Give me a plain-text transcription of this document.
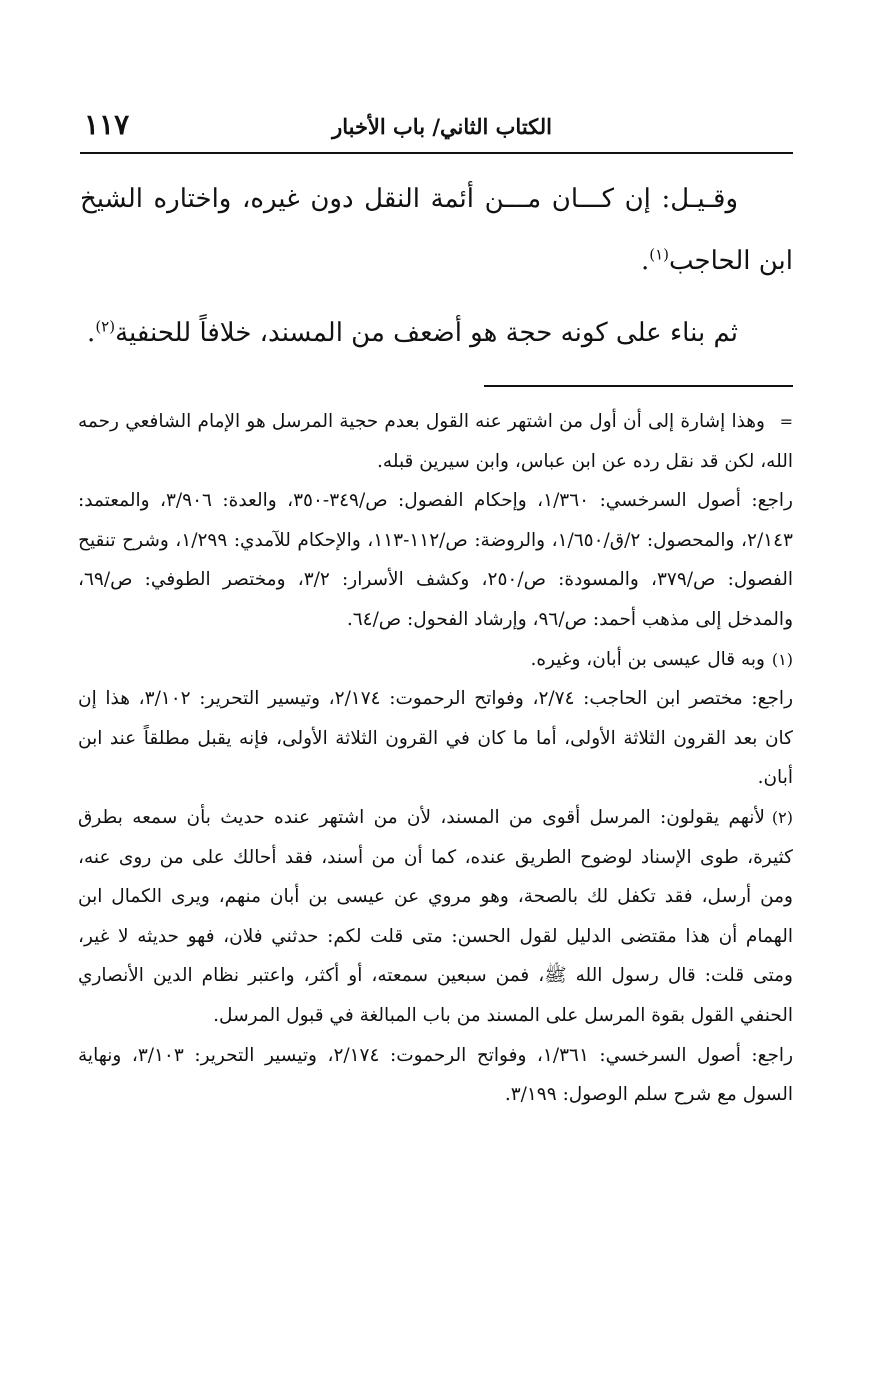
١١٧	الكتاب الثاني/ باب الأخبار

وقـيـل: إن كـــان مـــن أئمة النقل دون غيره، واختاره الشيخ ابن الحاجب$^{(١)}$.

ثم بناء على كونه حجة هو أضعف من المسند، خلافاً للحنفية$^{(٢)}$.

=وهذا إشارة إلى أن أول من اشتهر عنه القول بعدم حجية المرسل هو الإمام الشافعي رحمه الله، لكن قد نقل رده عن ابن عباس، وابن سيرين قبله.

راجع: أصول السرخسي: ١/٣٦٠، وإحكام الفصول: ص/٣٤٩-٣٥٠، والعدة: ٣/٩٠٦، والمعتمد: ٢/١٤٣، والمحصول: ٢/ق/١/٦٥٠، والروضة: ص/١١٢-١١٣، والإحكام للآمدي: ١/٢٩٩، وشرح تنقيح الفصول: ص/٣٧٩، والمسودة: ص/٢٥٠، وكشف الأسرار: ٣/٢، ومختصر الطوفي: ص/٦٩، والمدخل إلى مذهب أحمد: ص/٩٦، وإرشاد الفحول: ص/٦٤.

(١)وبه قال عيسى بن أبان، وغيره.

راجع: مختصر ابن الحاجب: ٢/٧٤، وفواتح الرحموت: ٢/١٧٤، وتيسير التحرير: ٣/١٠٢، هذا إن كان بعد القرون الثلاثة الأولى، أما ما كان في القرون الثلاثة الأولى، فإنه يقبل مطلقاً عند ابن أبان.

(٢)لأنهم يقولون: المرسل أقوى من المسند، لأن من اشتهر عنده حديث بأن سمعه بطرق كثيرة، طوى الإسناد لوضوح الطريق عنده، كما أن من أسند، فقد أحالك على من روى عنه، ومن أرسل، فقد تكفل لك بالصحة، وهو مروي عن عيسى بن أبان منهم، ويرى الكمال ابن الهمام أن هذا مقتضى الدليل لقول الحسن: متى قلت لكم: حدثني فلان، فهو حديثه لا غير، ومتى قلت: قال رسول الله ﷺ، فمن سبعين سمعته، أو أكثر، واعتبر نظام الدين الأنصاري الحنفي القول بقوة المرسل على المسند من باب المبالغة في قبول المرسل.

راجع: أصول السرخسي: ١/٣٦١، وفواتح الرحموت: ٢/١٧٤، وتيسير التحرير: ٣/١٠٣، ونهاية السول مع شرح سلم الوصول: ٣/١٩٩.
